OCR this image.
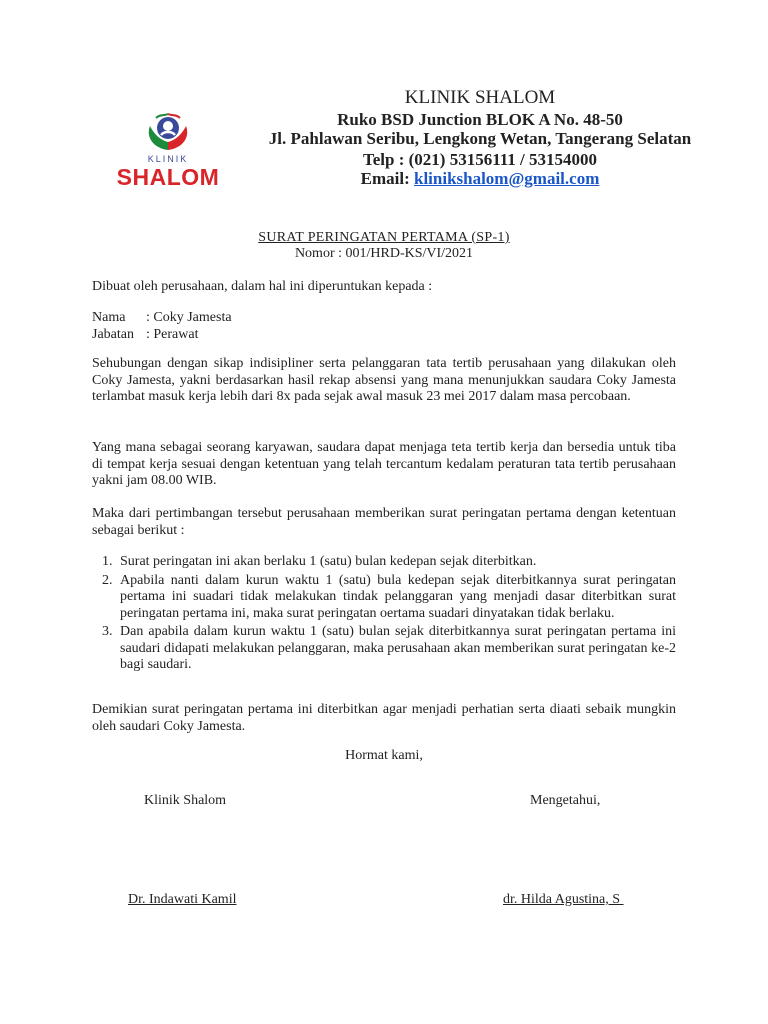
KLINIK
SHALOM
KLINIK SHALOM
Ruko BSD Junction BLOK A No. 48-50
Jl. Pahlawan Seribu, Lengkong Wetan, Tangerang Selatan
Telp : (021) 53156111 / 53154000
Email: klinikshalom@gmail.com
SURAT PERINGATAN PERTAMA (SP-1)
Nomor : 001/HRD-KS/VI/2021
Dibuat oleh perusahaan, dalam hal ini diperuntukan kepada :
Nama : Coky Jamesta
Jabatan : Perawat
Sehubungan dengan sikap indisipliner serta pelanggaran tata tertib perusahaan yang dilakukan oleh Coky Jamesta, yakni berdasarkan hasil rekap absensi yang mana menunjukkan saudara Coky Jamesta terlambat masuk kerja lebih dari 8x pada sejak awal masuk 23 mei 2017 dalam masa percobaan.
Yang mana sebagai seorang karyawan, saudara dapat menjaga teta tertib kerja dan bersedia untuk tiba di tempat kerja sesuai dengan ketentuan yang telah tercantum kedalam peraturan tata tertib perusahaan yakni jam 08.00 WIB.
Maka dari pertimbangan tersebut perusahaan memberikan surat peringatan pertama dengan ketentuan sebagai berikut :
1. Surat peringatan ini akan berlaku 1 (satu) bulan kedepan sejak diterbitkan.
2. Apabila nanti dalam kurun waktu 1 (satu) bula kedepan sejak diterbitkannya surat peringatan pertama ini suadari tidak melakukan tindak pelanggaran yang menjadi dasar diterbitkan surat peringatan pertama ini, maka surat peringatan oertama suadari dinyatakan tidak berlaku.
3. Dan apabila dalam kurun waktu 1 (satu) bulan sejak diterbitkannya surat peringatan pertama ini saudari didapati melakukan pelanggaran, maka perusahaan akan memberikan surat peringatan ke-2 bagi saudari.
Demikian surat peringatan pertama ini diterbitkan agar menjadi perhatian serta diaati sebaik mungkin oleh saudari Coky Jamesta.
Hormat kami,
Klinik Shalom	Mengetahui,
Dr. Indawati Kamil	dr. Hilda Agustina, S
